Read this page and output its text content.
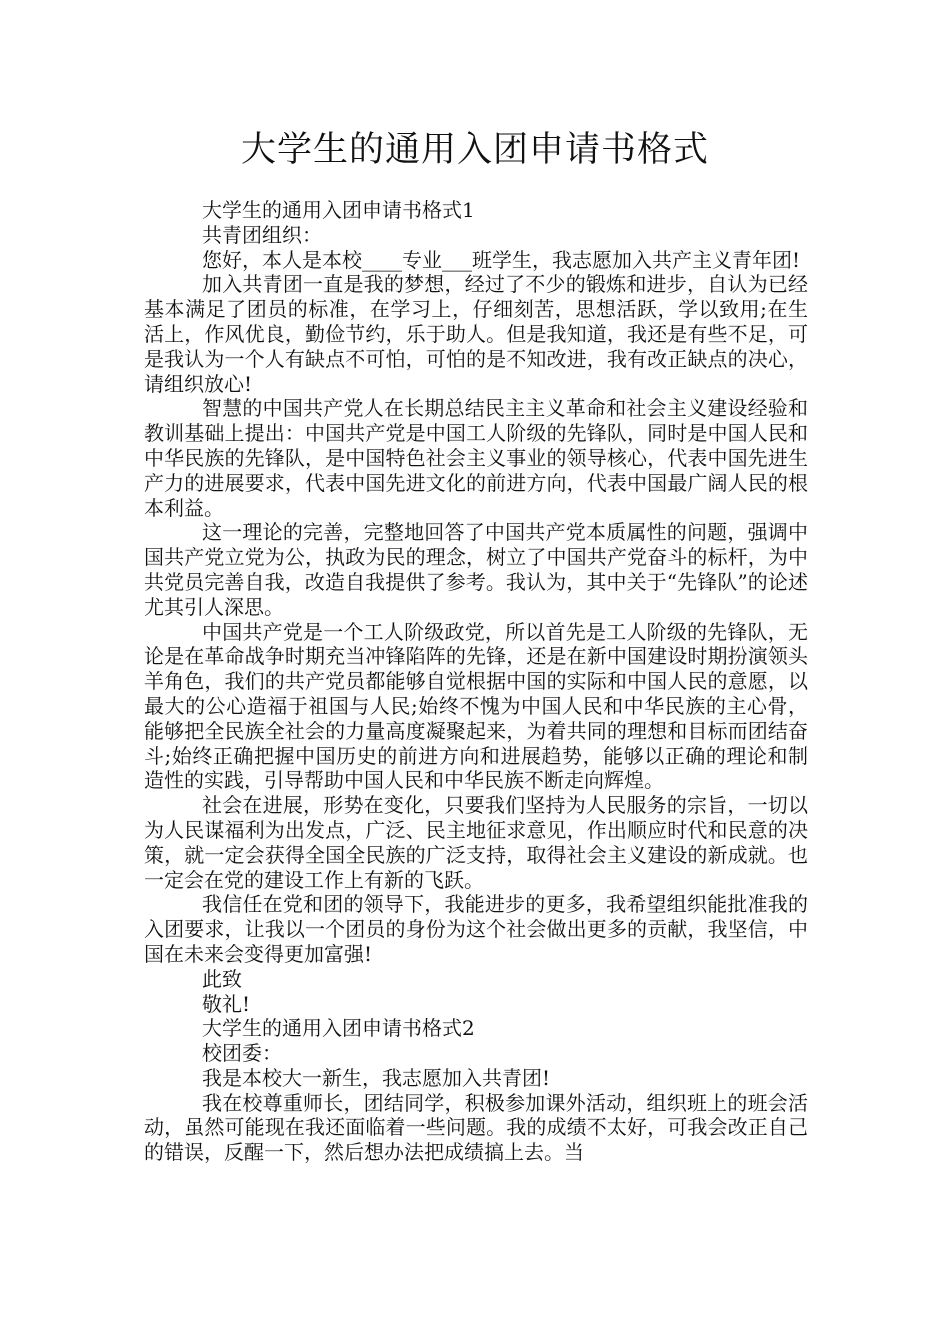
大学生的通用入团申请书格式

大学生的通用入团申请书格式1

共青团组织：

您好，本人是本校____专业___班学生，我志愿加入共产主义青年团!

加入共青团一直是我的梦想，经过了不少的锻炼和进步，自认为已经基本满足了团员的标准，在学习上，仔细刻苦，思想活跃，学以致用;在生活上，作风优良，勤俭节约，乐于助人。但是我知道，我还是有些不足，可是我认为一个人有缺点不可怕，可怕的是不知改进，我有改正缺点的决心，请组织放心!

智慧的中国共产党人在长期总结民主主义革命和社会主义建设经验和教训基础上提出：中国共产党是中国工人阶级的先锋队，同时是中国人民和中华民族的先锋队，是中国特色社会主义事业的领导核心，代表中国先进生产力的进展要求，代表中国先进文化的前进方向，代表中国最广阔人民的根本利益。

这一理论的完善，完整地回答了中国共产党本质属性的问题，强调中国共产党立党为公，执政为民的理念，树立了中国共产党奋斗的标杆，为中共党员完善自我，改造自我提供了参考。我认为，其中关于“先锋队”的论述尤其引人深思。

中国共产党是一个工人阶级政党，所以首先是工人阶级的先锋队，无论是在革命战争时期充当冲锋陷阵的先锋，还是在新中国建设时期扮演领头羊角色，我们的共产党员都能够自觉根据中国的实际和中国人民的意愿，以最大的公心造福于祖国与人民;始终不愧为中国人民和中华民族的主心骨，能够把全民族全社会的力量高度凝聚起来，为着共同的理想和目标而团结奋斗;始终正确把握中国历史的前进方向和进展趋势，能够以正确的理论和制造性的实践，引导帮助中国人民和中华民族不断走向辉煌。

社会在进展，形势在变化，只要我们坚持为人民服务的宗旨，一切以为人民谋福利为出发点，广泛、民主地征求意见，作出顺应时代和民意的决策，就一定会获得全国全民族的广泛支持，取得社会主义建设的新成就。也一定会在党的建设工作上有新的飞跃。

我信任在党和团的领导下，我能进步的更多，我希望组织能批准我的入团要求，让我以一个团员的身份为这个社会做出更多的贡献，我坚信，中国在未来会变得更加富强!

此致

敬礼!

大学生的通用入团申请书格式2

校团委：

我是本校大一新生，我志愿加入共青团!

我在校尊重师长，团结同学，积极参加课外活动，组织班上的班会活动，虽然可能现在我还面临着一些问题。我的成绩不太好，可我会改正自己的错误，反醒一下，然后想办法把成绩搞上去。当
